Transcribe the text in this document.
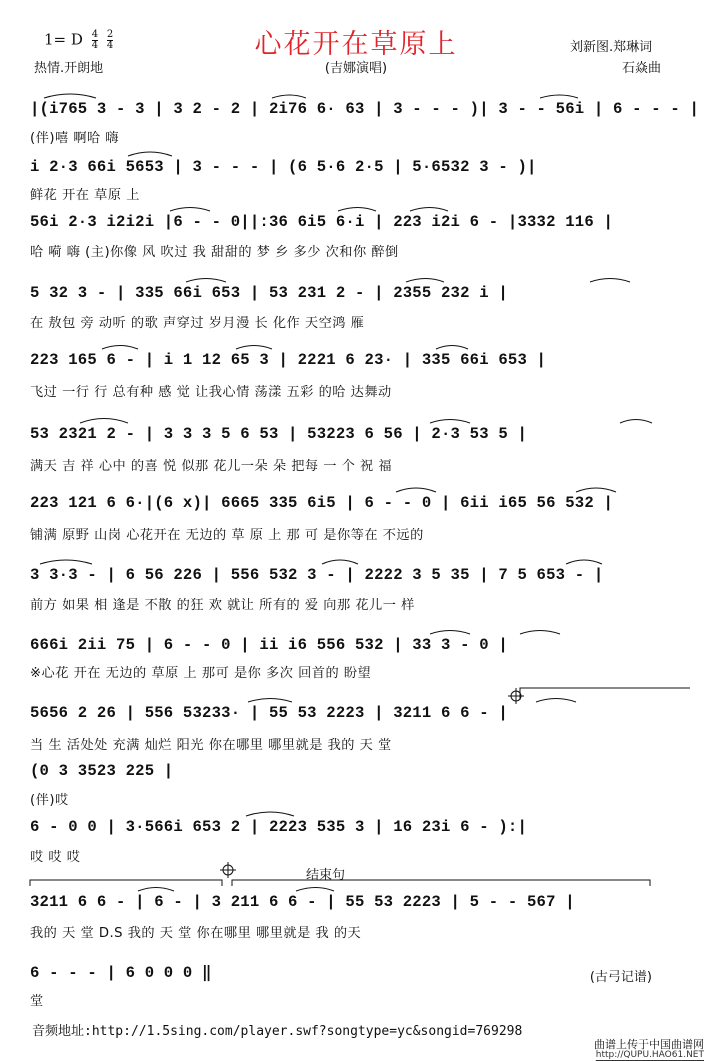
1= D $\frac{4}{4}$
$\frac{2}{4}$
热情.开朗地
心花开在草原上
(吉娜演唱)
刘新图.郑琳词
石焱曲
|(i765 3 - 3 | 3 2 - 2 | 2i76 6· 63 | 3 - - - )| 3 - - 56i | 6 - - - |
(伴)嘻 啊哈 嗨
i 2·3 66i 5653 | 3 - - - | (6 5·6 2·5 | 5·6532 3 - )|
鲜花 开在 草原 上
56i 2·3 i2i2i |6 - - 0||:36 6i5 6·i | 223 i2i 6 - |3332 116 |
哈 嗬 嗨 (主)你像 风 吹过 我 甜甜的 梦 乡 多少 次和你 醉倒
5 32 3 - | 335 66i 653 | 53 231 2 - | 2355 232 i |
在 敖包 旁 动听 的歌 声穿过 岁月漫 长 化作 天空鸿 雁
223 165 6 - | i 1 12 65 3 | 2221 6 23· | 335 66i 653 |
飞过 一行 行 总有种 感 觉 让我心情 荡漾 五彩 的哈 达舞动
53 2321 2 - | 3 3 3 5 6 53 | 53223 6 56 | 2·3 53 5 |
满天 吉 祥 心中 的喜 悦 似那 花儿一朵 朵 把每 一 个 祝 福
223 121 6 6·|(6 x)| 6665 335 6i5 | 6 - - 0 | 6ii i65 56 532 |
铺满 原野 山岗 心花开在 无边的 草 原 上 那 可 是你等在 不远的
3 3·3 - | 6 56 226 | 556 532 3 - | 2222 3 5 35 | 7 5 653 - |
前方 如果 相 逢是 不散 的狂 欢 就让 所有的 爱 向那 花儿一 样
666i 2ii 75 | 6 - - 0 | ii i6 556 532 | 33 3 - 0 |
※心花 开在 无边的 草原 上 那可 是你 多次 回首的 盼望
5656 2 26 | 556 53233· | 55 53 2223 | 3211 6 6 - |
当 生 活处处 充满 灿烂 阳光 你在哪里 哪里就是 我的 天 堂
(0 3 3523 225 |
(伴)哎
6 - 0 0 | 3·566i 653 2 | 2223 535 3 | 16 23i 6 - ):|
哎 哎 哎
结束句
3211 6 6 - | 6 - | 3 211 6 6 - | 55 53 2223 | 5 - - 567 |
我的 天 堂 D.S 我的 天 堂 你在哪里 哪里就是 我 的天
6 - - - | 6 0 0 0 ‖
堂
(古弓记谱)
音频地址:http://1.5sing.com/player.swf?songtype=yc&songid=769298
曲谱上传于中国曲谱网
http://QUPU.HAO61.NET
